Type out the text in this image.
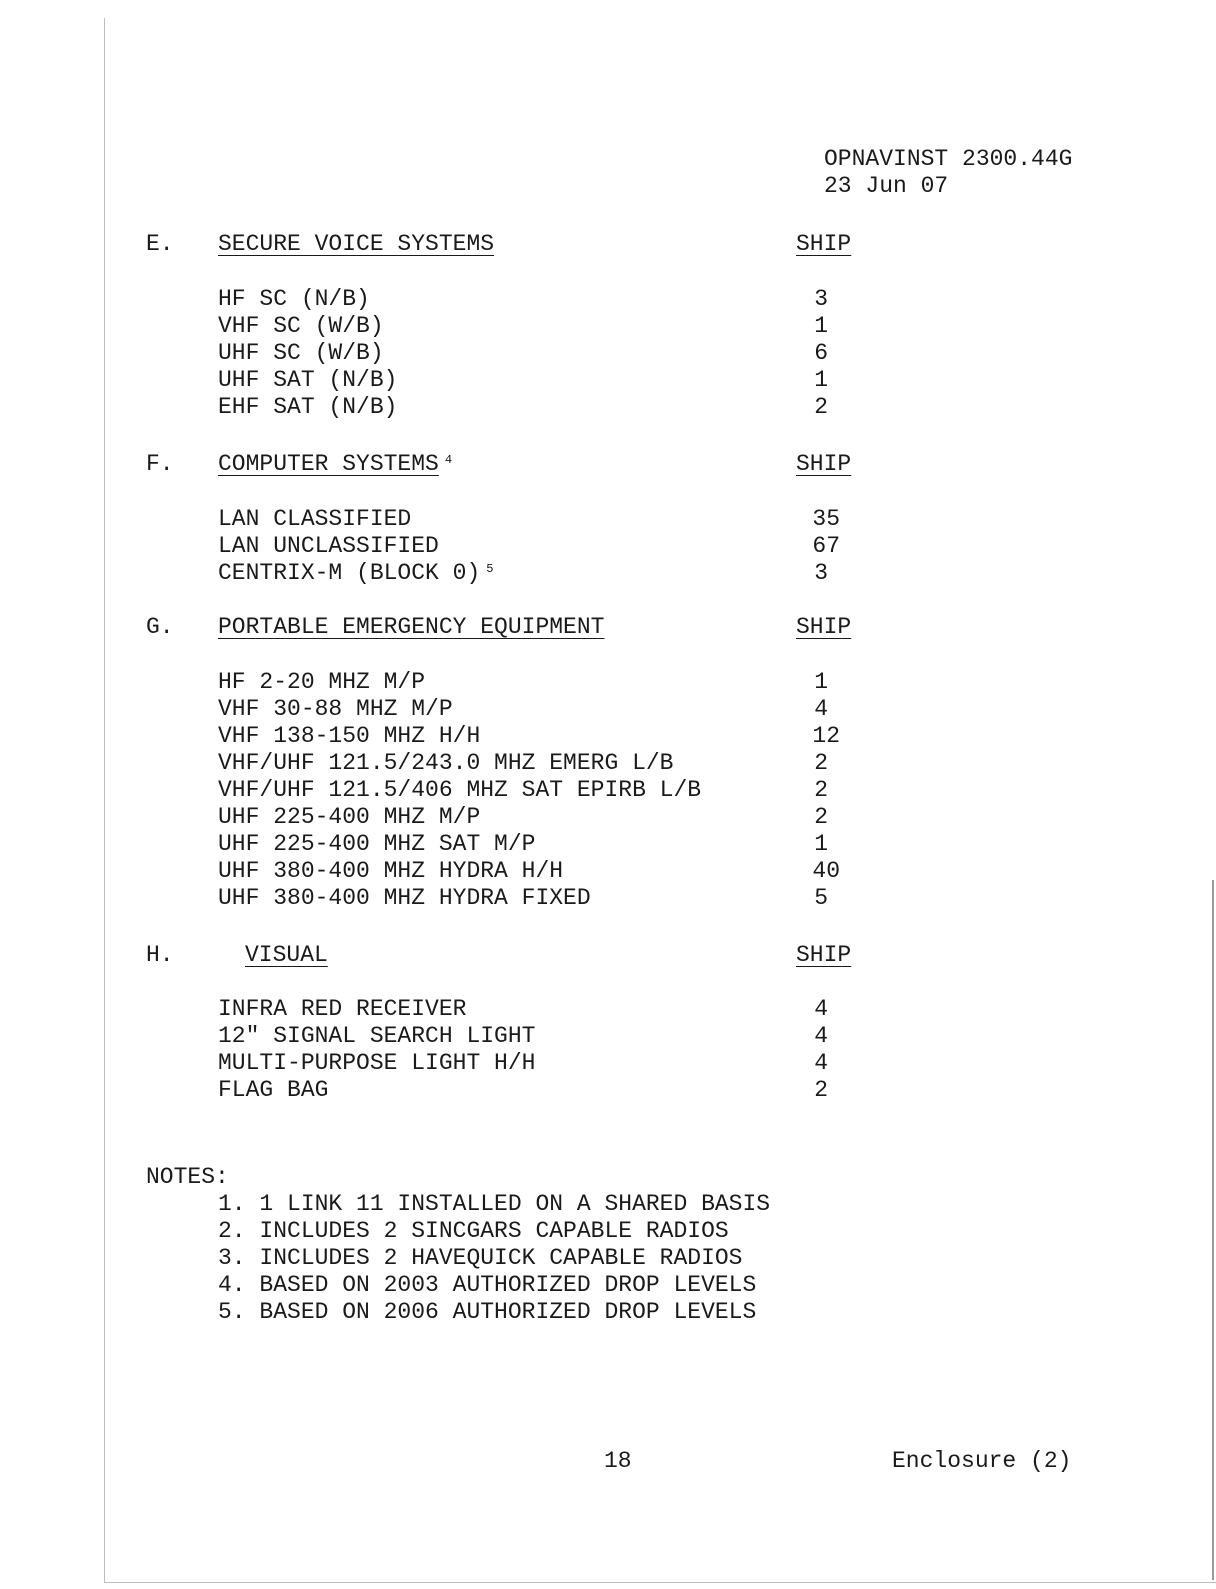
OPNAVINST 2300.44G
23 Jun 07
E. SECURE VOICE SYSTEMS	SHIP
HF SC (N/B)	3
VHF SC (W/B)	1
UHF SC (W/B)	6
UHF SAT (N/B)	1
EHF SAT (N/B)	2
F. COMPUTER SYSTEMS $^4$	SHIP
LAN CLASSIFIED	35
LAN UNCLASSIFIED	67
CENTRIX-M (BLOCK 0) $^5$	3
G. PORTABLE EMERGENCY EQUIPMENT	SHIP
HF 2-20 MHZ M/P	1
VHF 30-88 MHZ M/P	4
VHF 138-150 MHZ H/H	12
VHF/UHF 121.5/243.0 MHZ EMERG L/B	2
VHF/UHF 121.5/406 MHZ SAT EPIRB L/B	2
UHF 225-400 MHZ M/P	2
UHF 225-400 MHZ SAT M/P	1
UHF 380-400 MHZ HYDRA H/H	40
UHF 380-400 MHZ HYDRA FIXED	5
H.	VISUAL	SHIP
INFRA RED RECEIVER	4
12" SIGNAL SEARCH LIGHT	4
MULTI-PURPOSE LIGHT H/H	4
FLAG BAG	2
NOTES:
1. 1 LINK 11 INSTALLED ON A SHARED BASIS
2. INCLUDES 2 SINCGARS CAPABLE RADIOS
3. INCLUDES 2 HAVEQUICK CAPABLE RADIOS
4. BASED ON 2003 AUTHORIZED DROP LEVELS
5. BASED ON 2006 AUTHORIZED DROP LEVELS
18	Enclosure (2)
